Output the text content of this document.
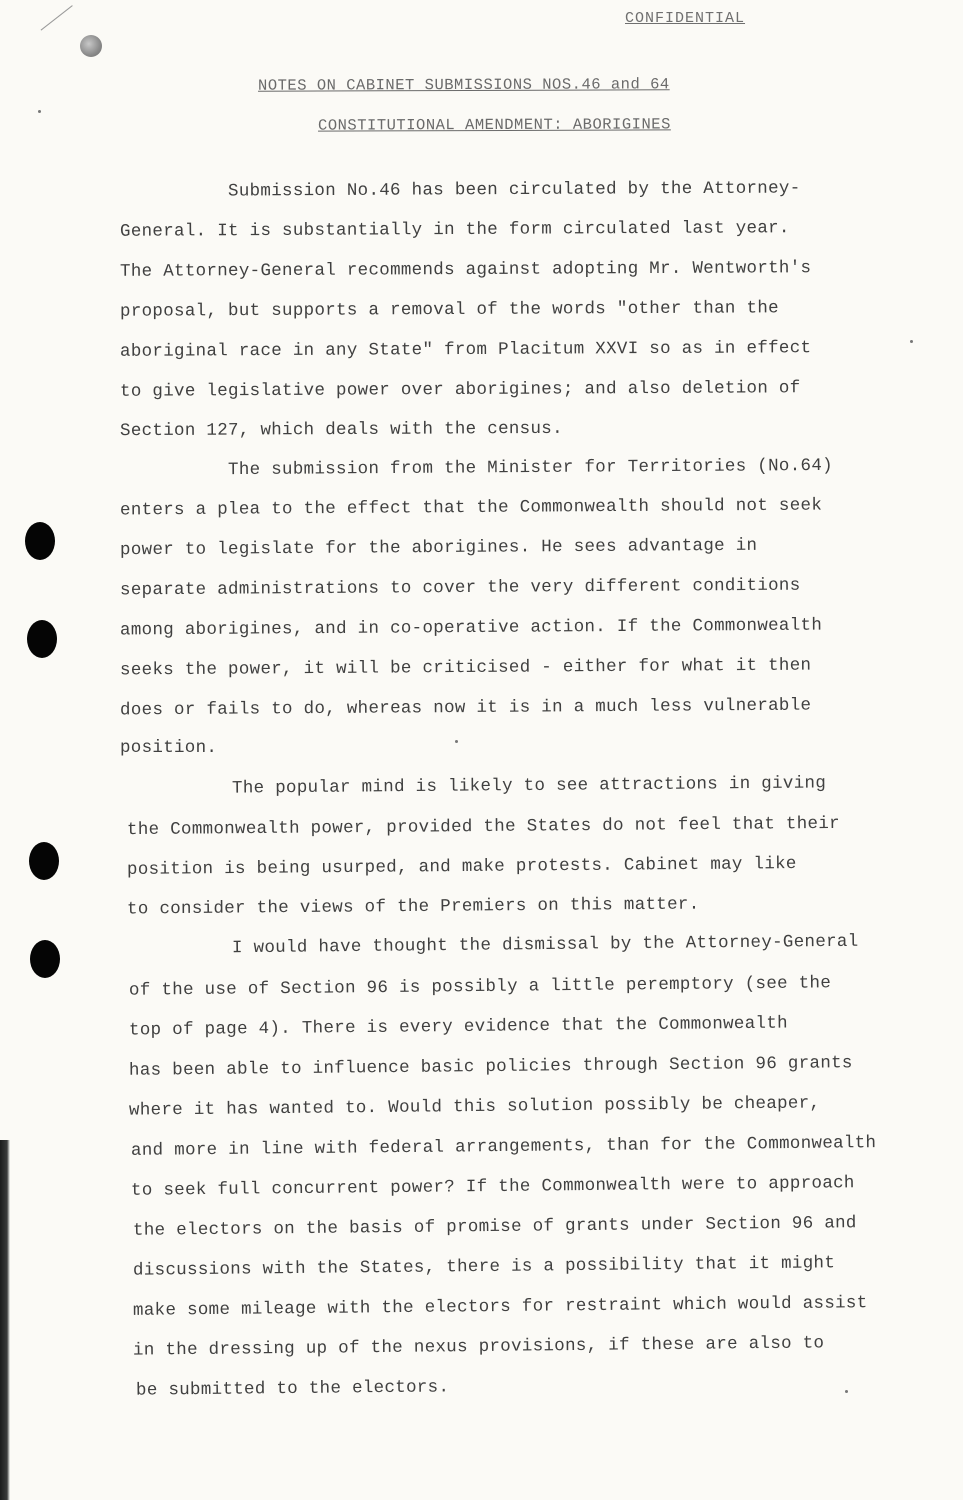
CONFIDENTIAL
NOTES ON CABINET SUBMISSIONS NOS.46 and 64
CONSTITUTIONAL AMENDMENT: ABORIGINES
Submission No.46 has been circulated by the Attorney-
General. It is substantially in the form circulated last year.
The Attorney-General recommends against adopting Mr. Wentworth's
proposal, but supports a removal of the words "other than the
aboriginal race in any State" from Placitum XXVI so as in effect
to give legislative power over aborigines; and also deletion of
Section 127, which deals with the census.
The submission from the Minister for Territories (No.64)
enters a plea to the effect that the Commonwealth should not seek
power to legislate for the aborigines. He sees advantage in
separate administrations to cover the very different conditions
among aborigines, and in co-operative action. If the Commonwealth
seeks the power, it will be criticised - either for what it then
does or fails to do, whereas now it is in a much less vulnerable
position.
The popular mind is likely to see attractions in giving
the Commonwealth power, provided the States do not feel that their
position is being usurped, and make protests. Cabinet may like
to consider the views of the Premiers on this matter.
I would have thought the dismissal by the Attorney-General
of the use of Section 96 is possibly a little peremptory (see the
top of page 4). There is every evidence that the Commonwealth
has been able to influence basic policies through Section 96 grants
where it has wanted to. Would this solution possibly be cheaper,
and more in line with federal arrangements, than for the Commonwealth
to seek full concurrent power? If the Commonwealth were to approach
the electors on the basis of promise of grants under Section 96 and
discussions with the States, there is a possibility that it might
make some mileage with the electors for restraint which would assist
in the dressing up of the nexus provisions, if these are also to
be submitted to the electors.
